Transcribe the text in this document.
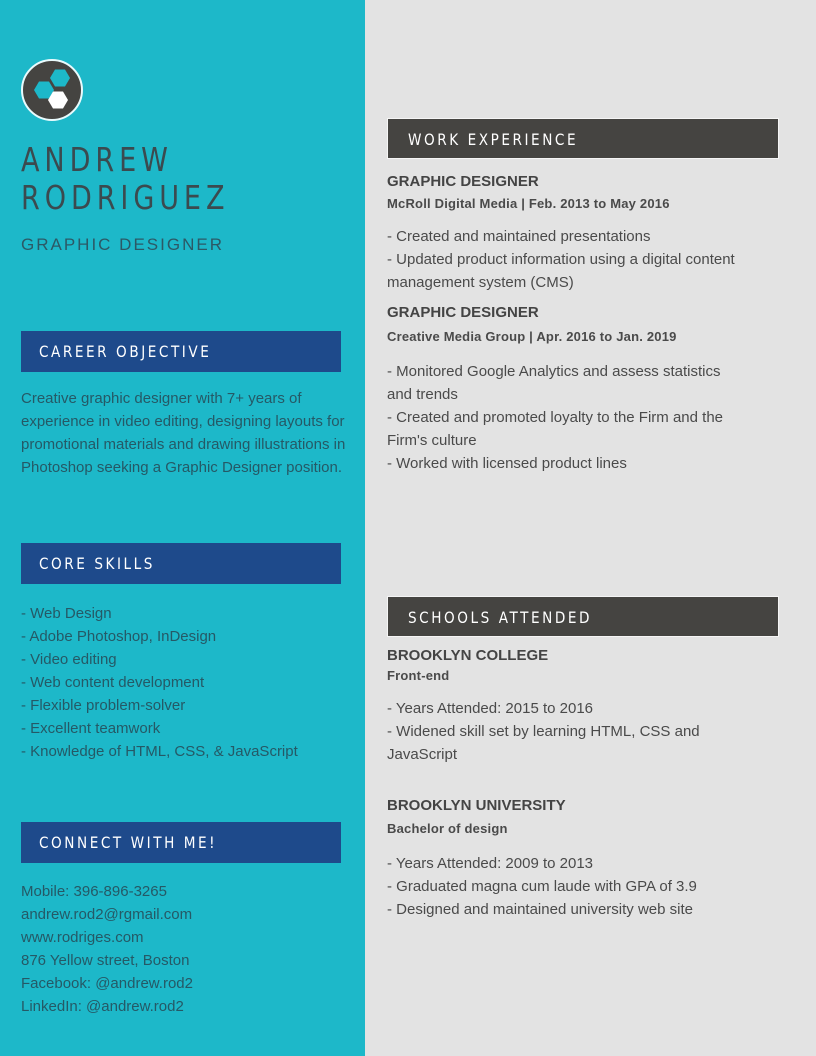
ANDREW
RODRIGUEZ
GRAPHIC DESIGNER
CAREER OBJECTIVE
Creative graphic designer with 7+ years of experience in video editing, designing layouts for promotional materials and drawing illustrations in Photoshop seeking a Graphic Designer position.
CORE SKILLS
- Web Design
- Adobe Photoshop, InDesign
- Video editing
- Web content development
- Flexible problem-solver
- Excellent teamwork
- Knowledge of HTML, CSS, & JavaScript
CONNECT WITH ME!
Mobile: 396-896-3265
andrew.rod2@rgmail.com
www.rodriges.com
876 Yellow street, Boston
Facebook: @andrew.rod2
LinkedIn: @andrew.rod2
WORK EXPERIENCE
GRAPHIC DESIGNER
McRoll Digital Media | Feb. 2013 to May 2016
- Created and maintained presentations
- Updated product information using a digital content
management system (CMS)
GRAPHIC DESIGNER
Creative Media Group | Apr. 2016 to Jan. 2019
- Monitored Google Analytics and assess statistics
and trends
- Created and promoted loyalty to the Firm and the
Firm's culture
- Worked with licensed product lines
SCHOOLS ATTENDED
BROOKLYN COLLEGE
Front-end
- Years Attended: 2015 to 2016
- Widened skill set by learning HTML, CSS and
JavaScript
BROOKLYN UNIVERSITY
Bachelor of design
- Years Attended: 2009 to 2013
- Graduated magna cum laude with GPA of 3.9
- Designed and maintained university web site
